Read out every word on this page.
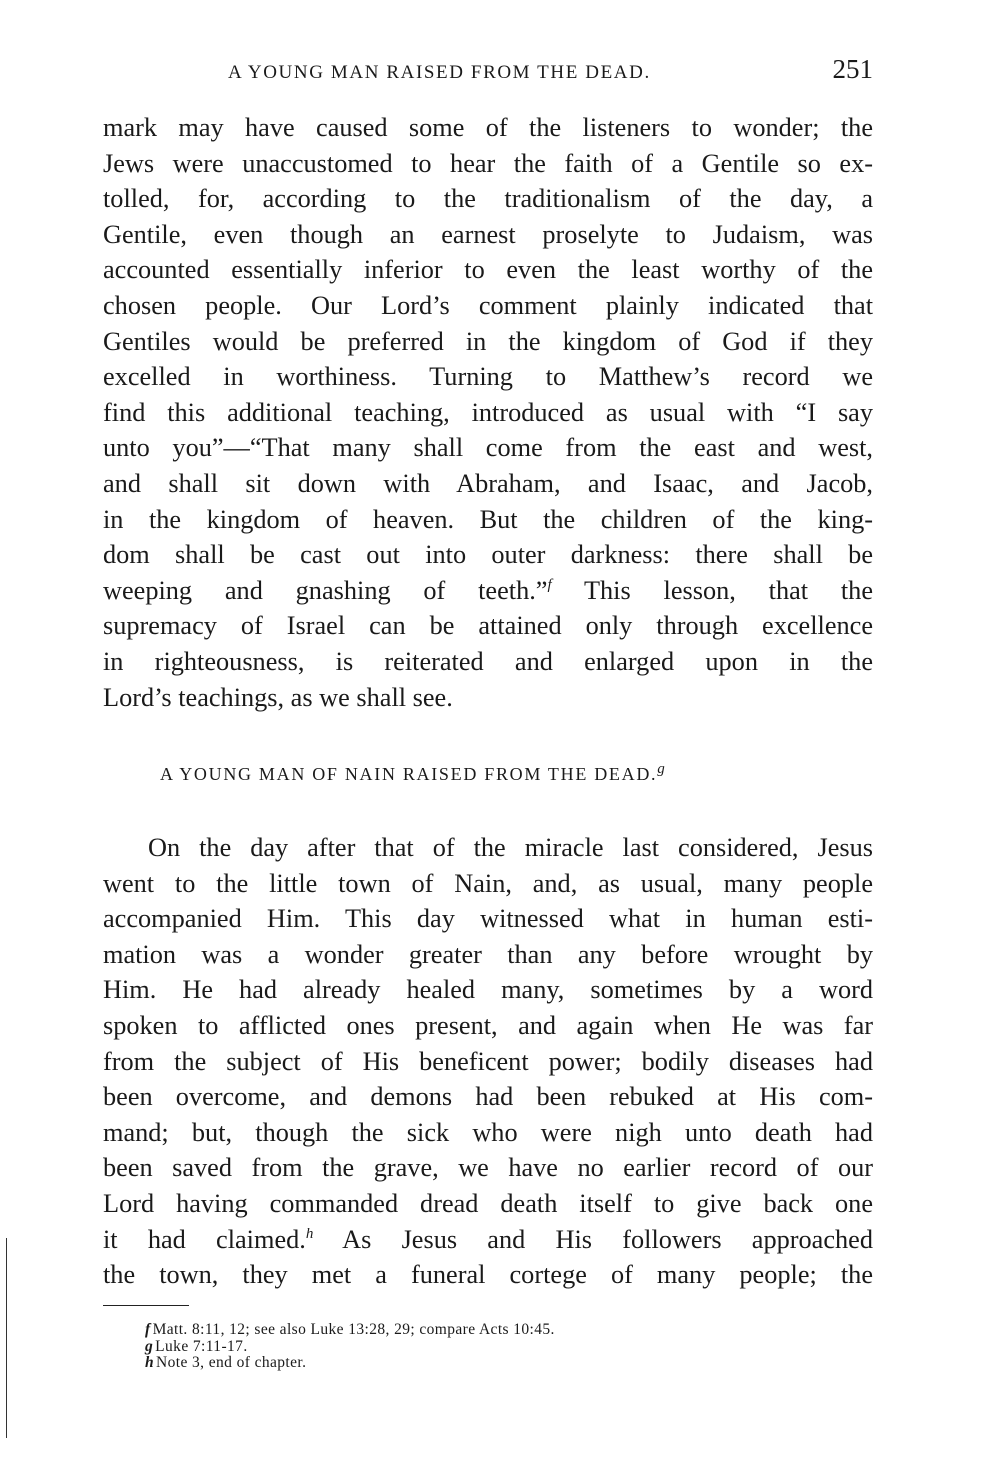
A YOUNG MAN RAISED FROM THE DEAD.	251
mark may have caused some of the listeners to wonder; the
Jews were unaccustomed to hear the faith of a Gentile so ex-
tolled, for, according to the traditionalism of the day, a
Gentile, even though an earnest proselyte to Judaism, was
accounted essentially inferior to even the least worthy of the
chosen people. Our Lord’s comment plainly indicated that
Gentiles would be preferred in the kingdom of God if they
excelled in worthiness. Turning to Matthew’s record we
find this additional teaching, introduced as usual with “I say
unto you”—“That many shall come from the east and west,
and shall sit down with Abraham, and Isaac, and Jacob,
in the kingdom of heaven. But the children of the king-
dom shall be cast out into outer darkness: there shall be
weeping and gnashing of teeth.”$^f$ This lesson, that the
supremacy of Israel can be attained only through excellence
in righteousness, is reiterated and enlarged upon in the
Lord’s teachings, as we shall see.
A YOUNG MAN OF NAIN RAISED FROM THE DEAD.$^g$
On the day after that of the miracle last considered, Jesus
went to the little town of Nain, and, as usual, many people
accompanied Him. This day witnessed what in human esti-
mation was a wonder greater than any before wrought by
Him. He had already healed many, sometimes by a word
spoken to afflicted ones present, and again when He was far
from the subject of His beneficent power; bodily diseases had
been overcome, and demons had been rebuked at His com-
mand; but, though the sick who were nigh unto death had
been saved from the grave, we have no earlier record of our
Lord having commanded dread death itself to give back one
it had claimed.$^h$ As Jesus and His followers approached
the town, they met a funeral cortege of many people; the
f Matt. 8:11, 12; see also Luke 13:28, 29; compare Acts 10:45.
g Luke 7:11-17.
h Note 3, end of chapter.
